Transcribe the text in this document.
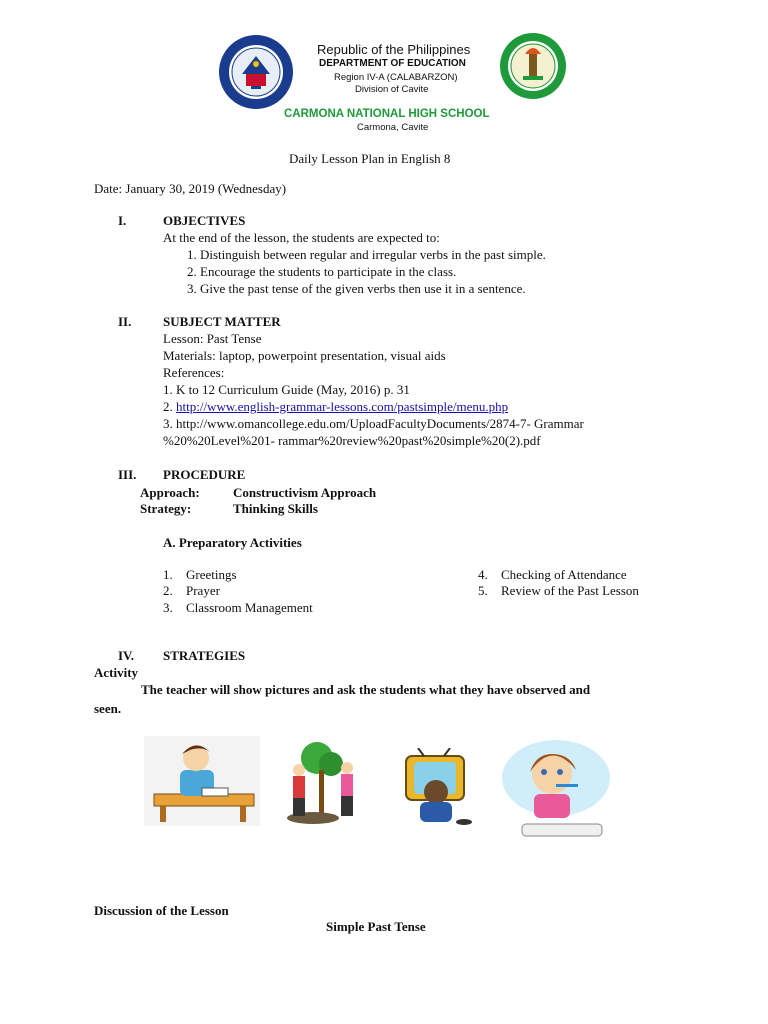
Republic of the Philippines
DEPARTMENT OF EDUCATION
Region IV-A (CALABARZON)
Division of Cavite
CARMONA NATIONAL HIGH SCHOOL
Carmona, Cavite
Daily Lesson Plan in English 8
Date: January 30, 2019 (Wednesday)
I.	OBJECTIVES
At the end of the lesson, the students are expected to:
1. Distinguish between regular and irregular verbs in the past simple.
2. Encourage the students to participate in the class.
3. Give the past tense of the given verbs then use it in a sentence.
II. SUBJECT MATTER
Lesson: Past Tense
Materials: laptop, powerpoint presentation, visual aids
References:
1. K to 12 Curriculum Guide (May, 2016) p. 31
2. http://www.english-grammar-lessons.com/pastsimple/menu.php
3. http://www.omancollege.edu.om/UploadFacultyDocuments/2874-7- Grammar
%20%20Level%201- rammar%20review%20past%20simple%20(2).pdf
III. PROCEDURE
Approach:	Constructivism Approach
Strategy:	Thinking Skills
A. Preparatory Activities
1. Greetings
2. Prayer
3. Classroom Management
4. Checking of Attendance
5. Review of the Past Lesson
IV. STRATEGIES
Activity
The teacher will show pictures and ask the students what they have observed and
seen.
Discussion of the Lesson
Simple Past Tense
